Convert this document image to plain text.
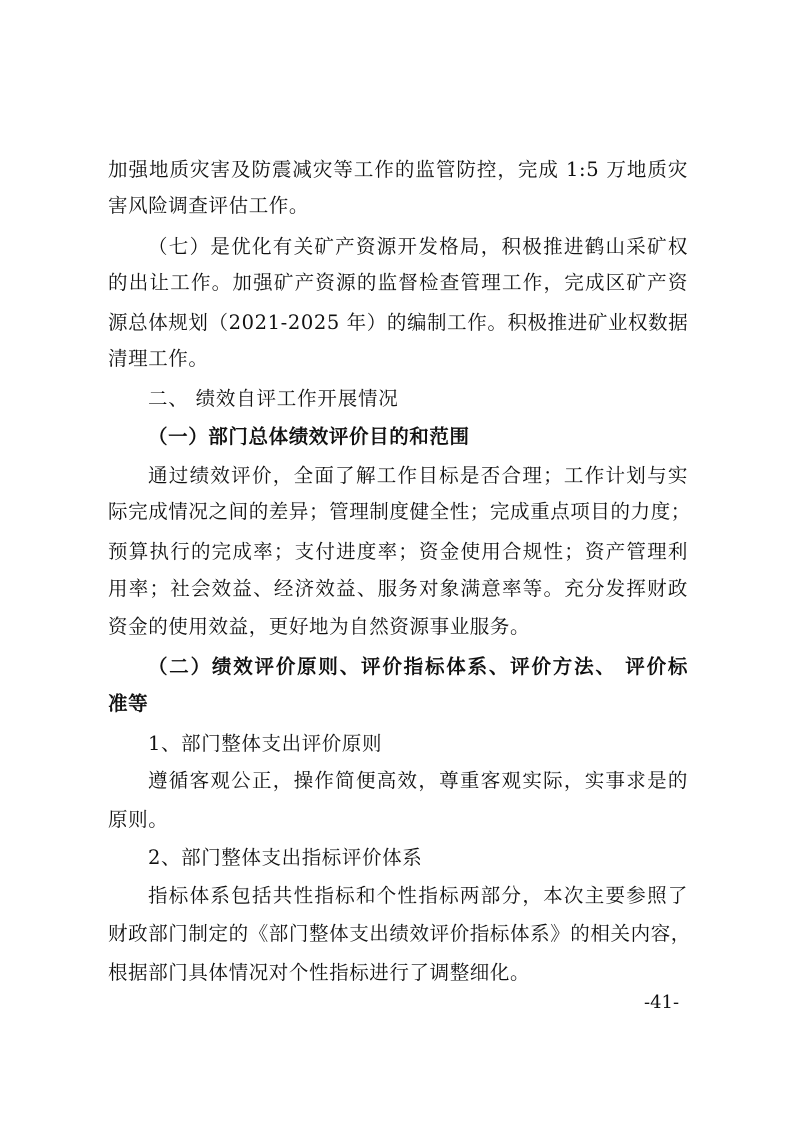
加强地质灾害及防震减灾等工作的监管防控，完成 1:5 万地质灾
害风险调查评估工作。
（七）是优化有关矿产资源开发格局，积极推进鹤山采矿权
的出让工作。加强矿产资源的监督检查管理工作，完成区矿产资
源总体规划（2021-2025 年）的编制工作。积极推进矿业权数据
清理工作。
二、 绩效自评工作开展情况
（一）部门总体绩效评价目的和范围
通过绩效评价，全面了解工作目标是否合理；工作计划与实
际完成情况之间的差异；管理制度健全性；完成重点项目的力度；
预算执行的完成率；支付进度率；资金使用合规性；资产管理利
用率；社会效益、经济效益、服务对象满意率等。充分发挥财政
资金的使用效益，更好地为自然资源事业服务。
（二）绩效评价原则、评价指标体系、评价方法、 评价标
准等
1、部门整体支出评价原则
遵循客观公正，操作简便高效，尊重客观实际，实事求是的
原则。
2、部门整体支出指标评价体系
指标体系包括共性指标和个性指标两部分，本次主要参照了
财政部门制定的《部门整体支出绩效评价指标体系》的相关内容，
根据部门具体情况对个性指标进行了调整细化。
-41-
